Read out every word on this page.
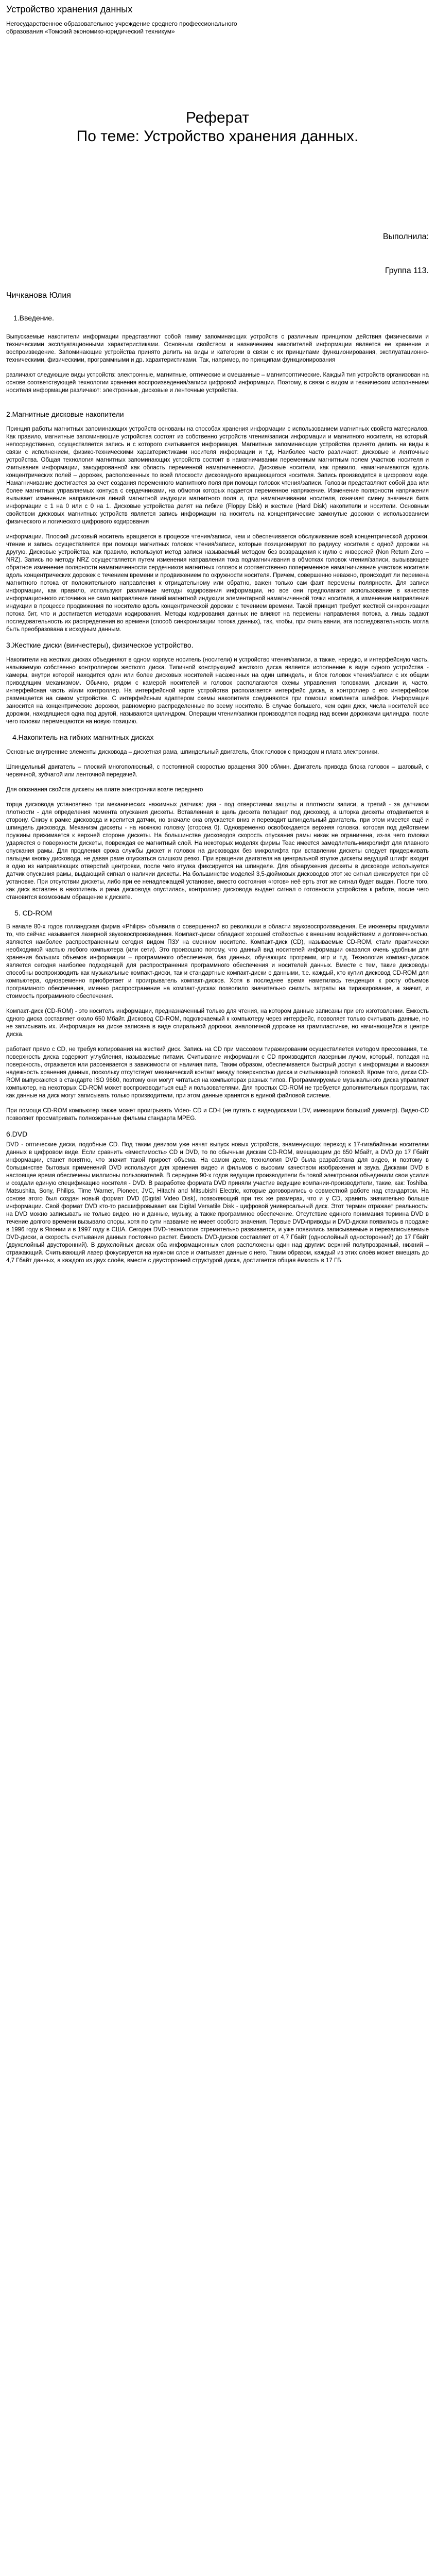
Устройство хранения данных

Негосударственное образовательное учреждение среднего профессионального

образования «Томский экономико-юридический техникум»

Реферат

По теме: Устройство хранения данных.

Выполнила:

Группа 113.

Чичканова Юлия

1.Введение.

Выпускаемые накопители информации представляют собой гамму запоминающих устройств с различным принципом действия физическими и техническими эксплуатационными характеристиками. Основным свойством и назначением накопителей информации является ее хранение и воспроизведение. Запоминающие устройства принято делить на виды и категории в связи с их принципами функционирования, эксплуатационно-техническими, физическими, программными и др. характеристиками. Так, например, по принципам функционирования

различают следующие виды устройств: электронные, магнитные, оптические и смешанные – магнитооптические. Каждый тип устройств организован на основе соответствующей технологии хранения воспроизведения/записи цифровой информации. Поэтому, в связи с видом и техническим исполнением носителя информации различают: электронные, дисковые и ленточные устройства.

2.Магнитные дисковые накопители

Принцип работы магнитных запоминающих устройств основаны на способах хранения информации с использованием магнитных свойств материалов. Как правило, магнитные запоминающие устройства состоят из собственно устройств чтения/записи информации и магнитного носителя, на который, непосредственно, осуществляется запись и с которого считывается информация. Магнитные запоминающие устройства принято делить на виды в связи с исполнением, физико-техническими характеристиками носителя информации и т.д. Наиболее часто различают: дисковые и ленточные устройства. Общая технология магнитных запоминающих устройств состоит в намагничивании переменным магнитным полем участков носителя и считывания информации, закодированной как область переменной намагниченности. Дисковые носители, как правило, намагничиваются вдоль концентрических полей – дорожек, расположенных по всей плоскости дисковидного вращающегося носителя. Запись производится в цифровом коде. Намагничивание достигается за счет создания переменного магнитного поля при помощи головок чтения/записи. Головки представляют собой два или более магнитных управляемых контура с сердечниками, на обмотки которых подается переменное напряжение. Изменение полярности напряжения вызывает изменение направления линий магнитной индукции магнитного поля и, при намагничивании носителя, означает смену значения бита информации с 1 на 0 или с 0 на 1. Дисковые устройства делят на гибкие (Floppy Disk) и жесткие (Hard Disk) накопители и носители. Основным свойством дисковых магнитных устройств является запись информации на носитель на концентрические замкнутые дорожки с использованием физического и логического цифрового кодирования

информации. Плоский дисковый носитель вращается в процессе чтения/записи, чем и обеспечивается обслуживание всей концентрической дорожки, чтение и запись осуществляется при помощи магнитных головок чтения/записи, которые позиционируют по радиусу носителя с одной дорожки на другую. Дисковые устройства, как правило, используют метод записи называемый методом без возвращения к нулю с инверсией (Non Return Zero – NRZ). Запись по методу NRZ осуществляется путем изменения направления тока подмагничивания в обмотках головок чтения/записи, вызывающее обратное изменение полярности намагниченности сердечников магнитных головок и соответственно попеременное намагничивание участков носителя вдоль концентрических дорожек с течением времени и продвижением по окружности носителя. Причем, совершенно неважно, происходит ли перемена магнитного потока от положительного направления к отрицательному или обратно, важен только сам факт перемены полярности. Для записи информации, как правило, используют различные методы кодирования информации, но все они предполагают использование в качестве информационного источника не само направление линий магнитной индукции элементарной намагниченной точки носителя, а изменение направления индукции в процессе продвижения по носителю вдоль концентрической дорожки с течением времени. Такой принцип требует жесткой синхронизации потока бит, что и достигается методами кодирования. Методы кодирования данных не влияют на перемены направления потока, а лишь задают последовательность их распределения во времени (способ синхронизации потока данных), так, чтобы, при считывании, эта последовательность могла быть преобразована к исходным данным.

3.Жесткие диски (винчестеры), физическое устройство.

Накопители на жестких дисках объединяют в одном корпусе носитель (носители) и устройство чтения/записи, а также, нередко, и интерфейсную часть, называемую собственно контроллером жесткого диска. Типичной конструкцией жесткого диска является исполнение в виде одного устройства - камеры, внутри которой находится один или более дисковых носителей насаженных на один шпиндель, и блок головок чтения/записи с их общим приводящим механизмом. Обычно, рядом с камерой носителей и головок располагаются схемы управления головками, дисками и, часто, интерфейсная часть и/или контроллер. На интерфейсной карте устройства располагается интерфейс диска, а контроллер с его интерфейсом размещается на самом устройстве. С интерфейсным адаптером схемы накопителя соединяются при помощи комплекта шлейфов. Информация заносится на концентрические дорожки, равномерно распределенные по всему носителю. В случае большего, чем один диск, числа носителей все дорожки, находящиеся одна под другой, называются цилиндром. Операции чтения/записи производятся подряд над всеми дорожками цилиндра, после чего головки перемещаются на новую позицию.

4.Накопитель на гибких магнитных дисках

Основные внутренние элементы дисковода – дискетная рама, шпиндельный двигатель, блок головок с приводом и плата электроники.

Шпиндельный двигатель – плоский многополюсный, с постоянной скоростью вращения 300 об/мин. Двигатель привода блока головок – шаговый, с червячной, зубчатой или ленточной передачей.

Для опознания свойств дискеты на плате электроники возле переднего

торца дисковода установлено три механических нажимных датчика: два - под отверстиями защиты и плотности записи, а третий - за датчиком плотности - для определения момента опускания дискеты. Вставленная в щель дискета попадает под дисковод, а шторка дискеты отодвигается в сторону. Снизу к рамке дисковода и крепится датчик, но вначале она опускается вниз и переводит шпиндельный двигатель, при этом имеется ещё и шпиндель дисковода. Механизм дискеты - на нижнюю головку (сторона 0). Одновременно освобождается верхняя головка, которая под действием пружины прижимается к верхней стороне дискеты. На большинстве дисководов скорость опускания рамы никак не ограничена, из-за чего головки ударяются о поверхности дискеты, повреждая ее магнитный слой. На некоторых моделях фирмы Teac имеется замедлитель-микролифт для плавного опускания рамы. Для продления срока службы дискет и головок на дисководах без микролифта при вставлении дискеты следует придерживать пальцем кнопку дисковода, не давая раме опускаться слишком резко. При вращении двигателя на центральной втулке дискеты ведущий штифт входит в одно из направляющих отверстий центровки, после чего втулка фиксируется на шпинделе. Для обнаружения дискеты в дисководе используется датчик опускания рамы, выдающий сигнал о наличии дискеты. На большинстве моделей 3,5-дюймовых дисководов этот же сигнал фиксируется при её установке. При отсутствии дискеты, либо при ее ненадлежащей установке, вместо состояния «готов» неё ерть этот же сигнал будет выдан. После того, как диск вставлен в накопитель и рама дисковода опустилась, контроллер дисковода выдает сигнал о готовности устройства к работе, после чего становится возможным обращение к дискете.

5. CD-ROM

В начале 80-х годов голландская фирма «Philips» объявила о совершенной во революции в области звуковоспроизведения. Ее инженеры придумали то, что сейчас называется лазерной звуковоспроизведения. Компакт-диски обладают хорошей стойкостью к внешним воздействиям и долговечностью, являются наиболее распространенным сегодня видом ПЗУ на сменном носителе. Компакт-диск (CD), называемые CD-ROM, стали практически необходимой частью любого компьютера (или сети). Это произошло потому, что данный вид носителей информации оказался очень удобным для хранения больших объемов информации – программного обеспечения, баз данных, обучающих программ, игр и т.д. Технология компакт-дисков является сегодня наиболее подходящей для распространения программного обеспечения и носителей данных. Вместе с тем, такие дисководы способны воспроизводить как музыкальные компакт-диски, так и стандартные компакт-диски с данными, т.е. каждый, кто купил дисковод CD-ROM для компьютера, одновременно приобретает и проигрыватель компакт-дисков. Хотя в последнее время наметилась тенденция к росту объемов программного обеспечения, именно распространение на компакт-дисках позволило значительно снизить затраты на тиражирование, а значит, и стоимость программного обеспечения.

Компакт-диск (CD-ROM) - это носитель информации, предназначенный только для чтения, на котором данные записаны при его изготовлении. Емкость одного диска составляет около 650 Мбайт. Дисковод CD-ROM, подключаемый к компьютеру через интерфейс, позволяет только считывать данные, но не записывать их. Информация на диске записана в виде спиральной дорожки, аналогичной дорожке на грампластинке, но начинающейся в центре диска.

работает прямо с CD, не требуя копирования на жесткий диск. Запись на CD при массовом тиражировании осуществляется методом прессования, т.е. поверхность диска содержит углубления, называемые питами. Считывание информации с CD производится лазерным лучом, который, попадая на поверхность, отражается или рассеивается в зависимости от наличия пита. Таким образом, обеспечивается быстрый доступ к информации и высокая надежность хранения данных, поскольку отсутствует механический контакт между поверхностью диска и считывающей головкой. Кроме того, диски CD-ROM выпускаются в стандарте ISO 9660, поэтому они могут читаться на компьютерах разных типов. Программируемые музыкального диска управляет компьютер, на некоторых CD-ROM может воспроизводиться ещё и пользователями. Для простых CD-ROM не требуется дополнительных программ, так как данные на диск могут записывать только производители, при этом данные хранятся в единой файловой системе.

При помощи CD-ROM компьютер также может проигрывать Video- CD и CD-I (не путать с видеодисками LDV, имеющими больший диаметр). Видео-CD позволяет просматривать полноэкранные фильмы стандарта MPEG.

6.DVD

DVD - оптические диски, подобные CD. Под таким девизом уже начат выпуск новых устройств, знаменующих переход к 17-гигабайтным носителям данных в цифровом виде. Если сравнить «вместимость» CD и DVD, то по обычным дискам CD-ROM, вмещающим до 650 Мбайт, а DVD до 17 Гбайт информации, станет понятно, что значит такой прирост объема. На самом деле, технология DVD была разработана для видео, и поэтому в большинстве бытовых применений DVD используют для хранения видео и фильмов с высоким качеством изображения и звука. Дисками DVD в настоящее время обеспечены миллионы пользователей. В середине 90-х годов ведущие производители бытовой электроники объединили свои усилия и создали единую спецификацию носителя - DVD. В разработке формата DVD приняли участие ведущие компании-производители, такие, как: Toshiba, Matsushita, Sony, Philips, Time Warner, Pioneer, JVC, Hitachi and Mitsubishi Electric, которые договорились о совместной работе над стандартом. На основе этого был создан новый формат DVD (Digital Video Disk), позволяющий при тех же размерах, что и у CD, хранить значительно больше информации. Свой формат DVD кто-то расшифровывает как Digital Versatile Disk - цифровой универсальный диск. Этот термин отражает реальность: на DVD можно записывать не только видео, но и данные, музыку, а также программное обеспечение. Отсутствие единого понимания термина DVD в течение долгого времени вызывало споры, хотя по сути название не имеет особого значения. Первые DVD-приводы и DVD-диски появились в продаже в 1996 году в Японии и в 1997 году в США. Сегодня DVD-технология стремительно развивается, и уже появились записываемые и перезаписываемые DVD-диски, а скорость считывания данных постоянно растет. Ёмкость DVD-дисков составляет от 4,7 Гбайт (однослойный односторонний) до 17 Гбайт (двухслойный двусторонний). В двухслойных дисках оба информационных слоя расположены один над другим: верхний полупрозрачный, нижний – отражающий. Считывающий лазер фокусируется на нужном слое и считывает данные с него. Таким образом, каждый из этих слоёв может вмещать до 4,7 Гбайт данных, а каждого из двух слоёв, вместе с двусторонней структурой диска, достигается общая ёмкость в 17 ГБ.
